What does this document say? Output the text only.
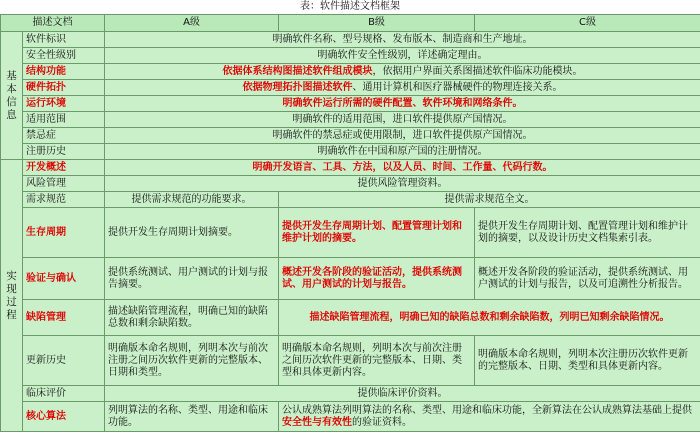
表：软件描述文档框架
描述文档		A级	B级	C级
基本信息	软件标识	明确软件名称、型号规格、发布版本、制造商和生产地址。		
	安全性级别	明确软件安全性级别，详述确定理由。		
	结构功能	依据体系结构图描述软件组成模块，依据用户界面关系图描述软件临床功能模块。		
	硬件拓扑	依据物理拓扑图描述软件、通用计算机和医疗器械硬件的物理连接关系。		
	运行环境	明确软件运行所需的硬件配置、软件环境和网络条件。		
	适用范围	明确软件的适用范围，进口软件提供原产国情况。		
	禁忌症	明确软件的禁忌症或使用限制，进口软件提供原产国情况。		
	注册历史	明确软件在中国和原产国的注册情况。		
实现过程	开发概述	明确开发语言、工具、方法，以及人员、时间、工作量、代码行数。		
	风险管理	提供风险管理资料。		
	需求规范	提供需求规范的功能要求。	提供需求规范全文。	
	生存周期	提供开发生存周期计划摘要。	提供开发生存周期计划、配置管理计划和维护计划的摘要。	提供开发生存周期计划、配置管理计划和维护计划的摘要，以及设计历史文档集索引表。
	验证与确认	提供系统测试、用户测试的计划与报告摘要。	概述开发各阶段的验证活动，提供系统测试、用户测试的计划与报告。	概述开发各阶段的验证活动，提供系统测试、用户测试的计划与报告，以及可追溯性分析报告。
	缺陷管理	描述缺陷管理流程，明确已知的缺陷总数和剩余缺陷数。	描述缺陷管理流程，明确已知的缺陷总数和剩余缺陷数，列明已知剩余缺陷情况。	
	更新历史	明确版本命名规则，列明本次与前次注册之间历次软件更新的完整版本、日期和类型。	明确版本命名规则，列明本次与前次注册之间历次软件更新的完整版本、日期、类型和具体更新内容。	明确版本命名规则，列明本次注册历次软件更新的完整版本、日期、类型和具体更新内容。
	临床评价	提供临床评价资料。		
	核心算法	列明算法的名称、类型、用途和临床功能。	公认成熟算法列明算法的名称、类型、用途和临床功能，全新算法在公认成熟算法基础上提供安全性与有效性的验证资料。	
